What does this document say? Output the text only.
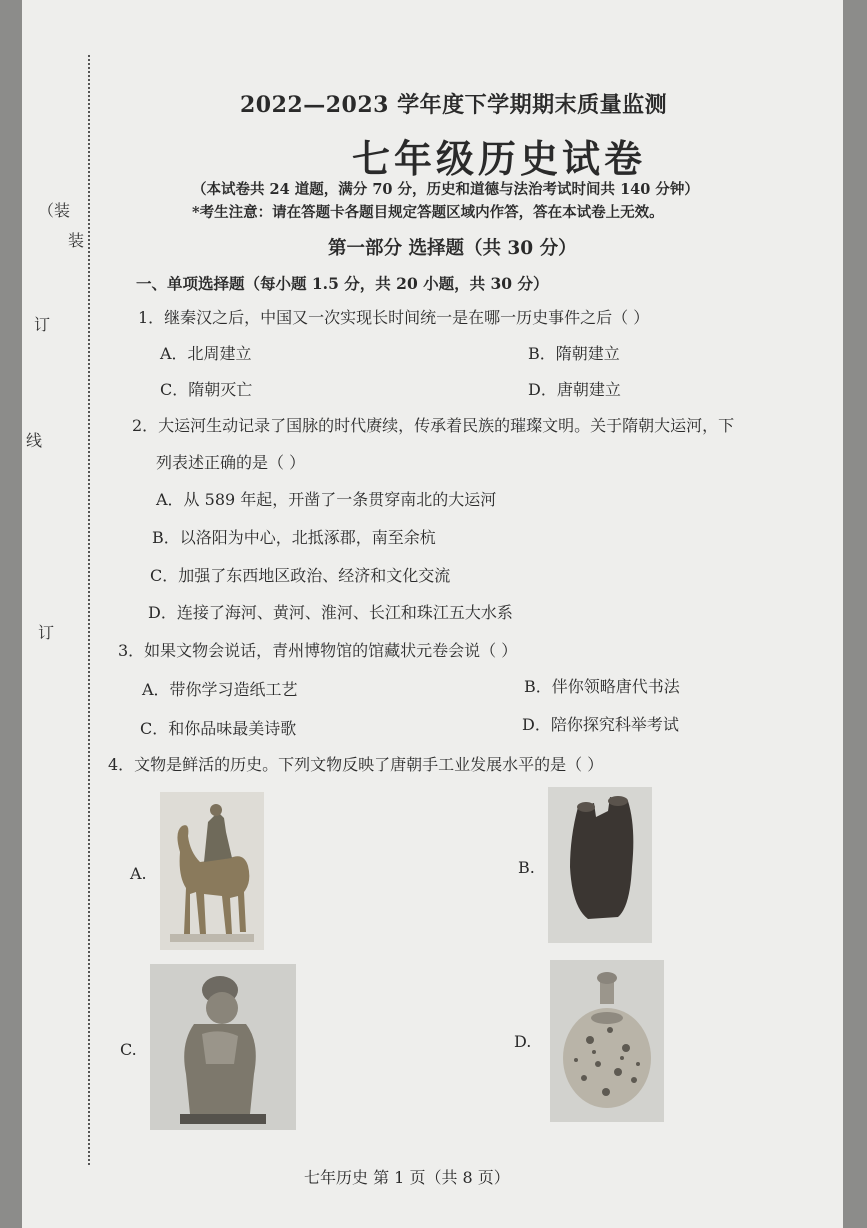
（装
装
订
线
订
2022—2023 学年度下学期期末质量监测
七年级历史试卷
（本试卷共 24 道题，满分 70 分，历史和道德与法治考试时间共 140 分钟）
*考生注意：请在答题卡各题目规定答题区域内作答，答在本试卷上无效。
第一部分 选择题（共 30 分）
一、单项选择题（每小题 1.5 分，共 20 小题，共 30 分）
1．继秦汉之后，中国又一次实现长时间统一是在哪一历史事件之后（ ）
A．北周建立	B．隋朝建立
C．隋朝灭亡	D．唐朝建立
2．大运河生动记录了国脉的时代赓续，传承着民族的璀璨文明。关于隋朝大运河，下
列表述正确的是（ ）
A．从 589 年起，开凿了一条贯穿南北的大运河
B．以洛阳为中心，北抵涿郡，南至余杭
C．加强了东西地区政治、经济和文化交流
D．连接了海河、黄河、淮河、长江和珠江五大水系
3．如果文物会说话，青州博物馆的馆藏状元卷会说（ ）
A．带你学习造纸工艺	B．伴你领略唐代书法
C．和你品味最美诗歌	D．陪你探究科举考试
4．文物是鲜活的历史。下列文物反映了唐朝手工业发展水平的是（ ）
A.	B.
C.	D.
七年历史 第 1 页（共 8 页）
